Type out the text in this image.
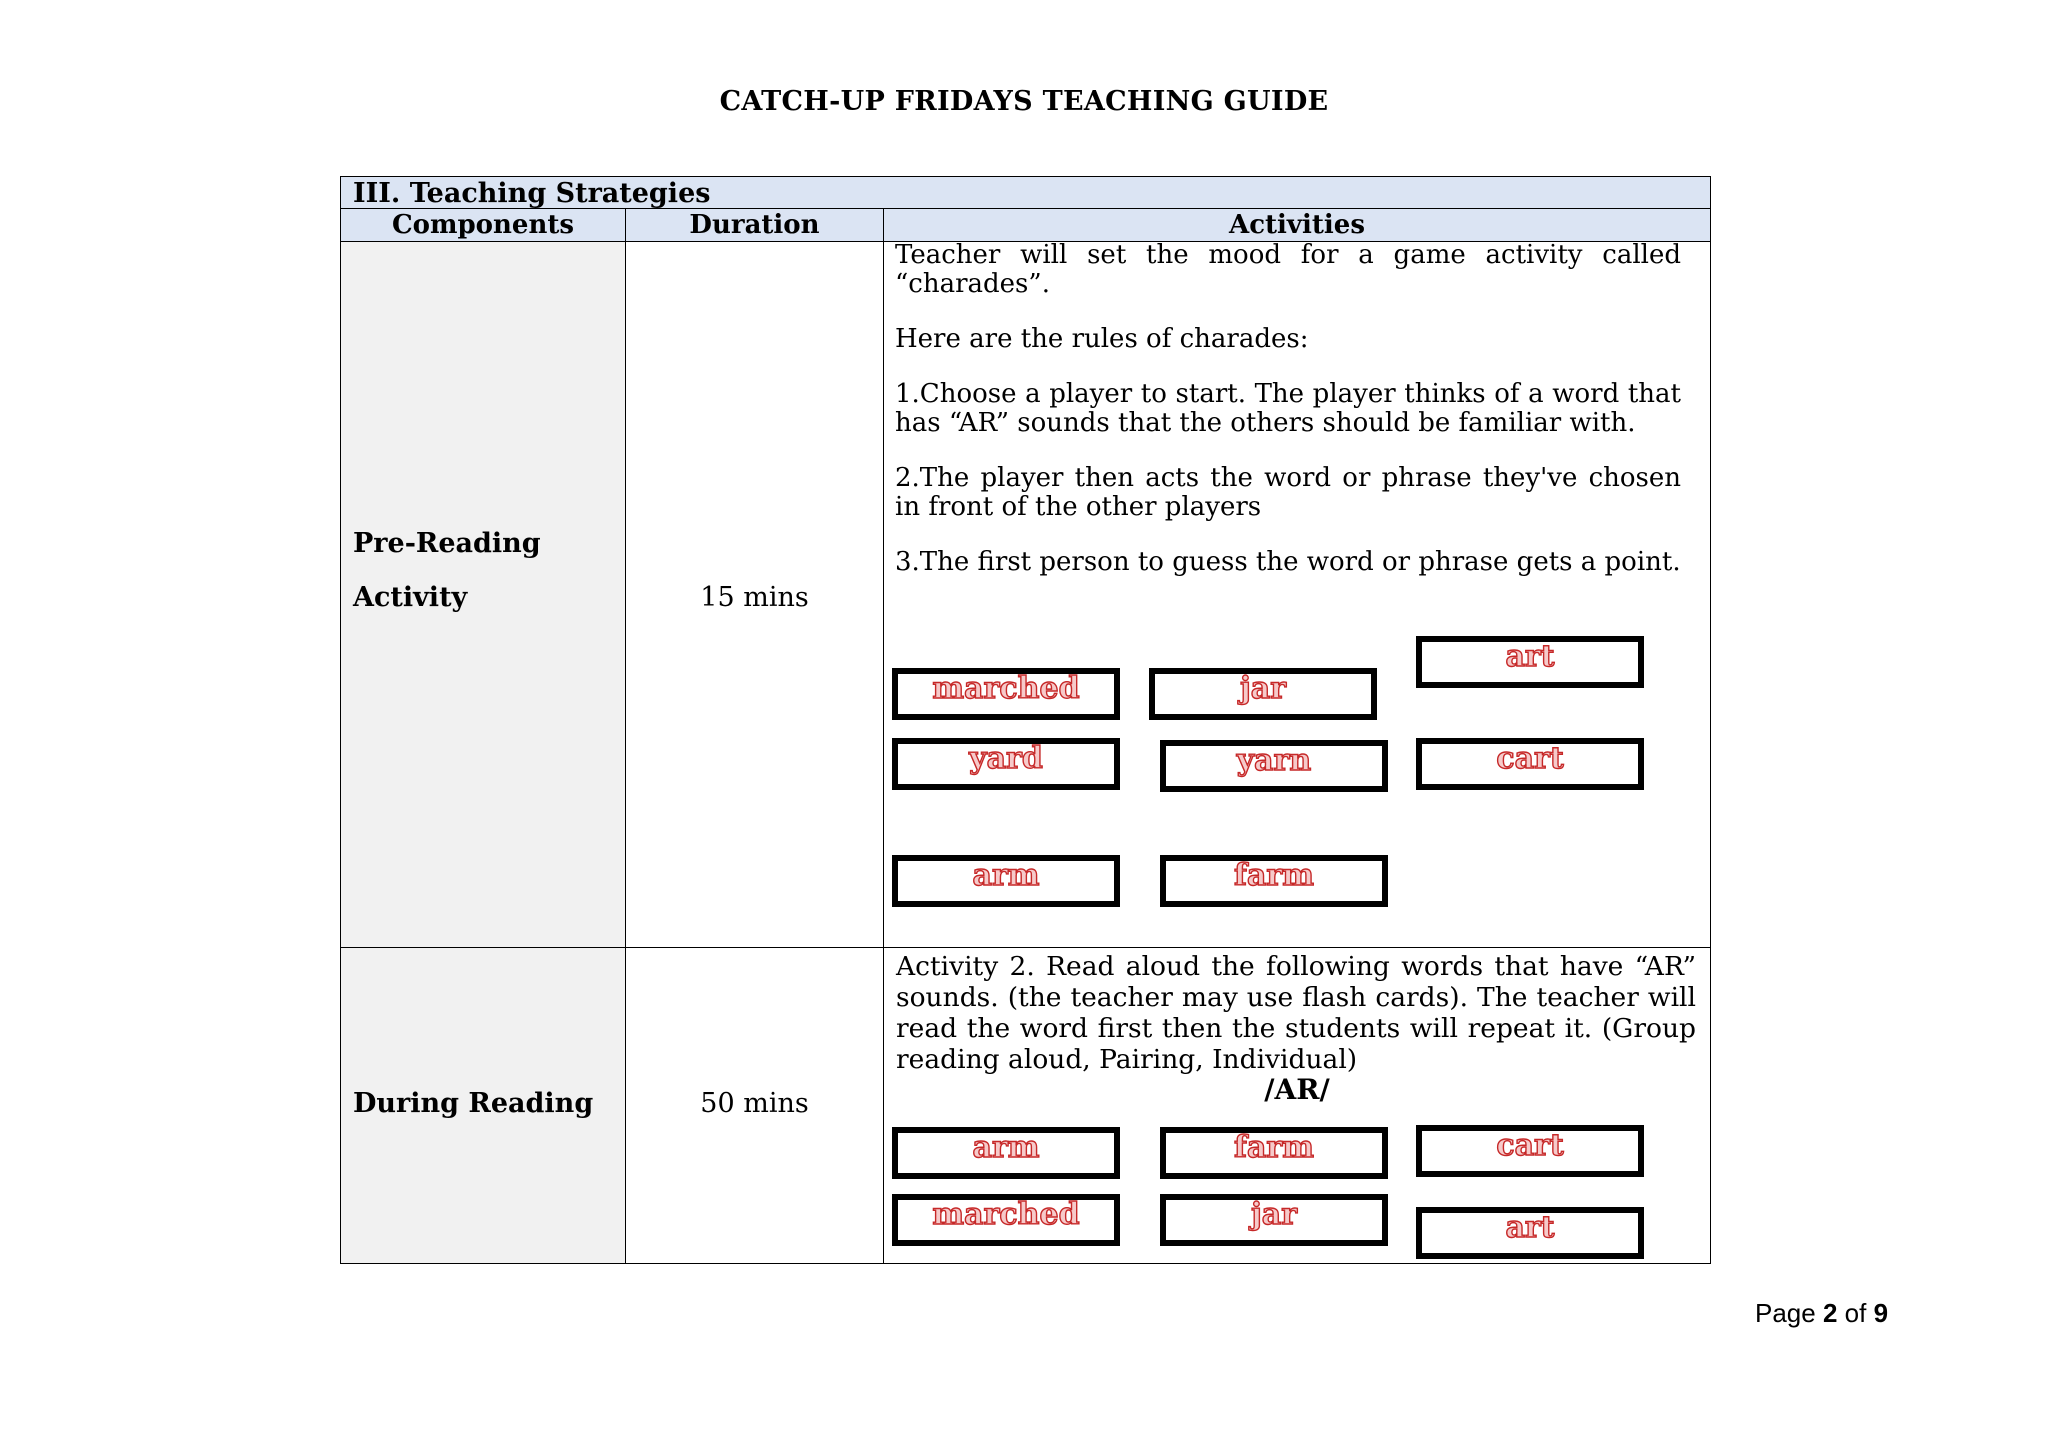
CATCH-UP FRIDAYS TEACHING GUIDE
III. Teaching Strategies
Components	Duration	Activities
Pre-Reading
Activity	15 mins

Teacher will set the mood for a game activity called “charades”.

Here are the rules of charades:

1.Choose a player to start. The player thinks of a word that has “AR” sounds that the others should be familiar with.

2.The player then acts the word or phrase they've chosen in front of the other players

3.The first person to guess the word or phrase gets a point.

marched	jar
art
yard	yarn	cart
arm	farm
During Reading	50 mins

Activity 2. Read aloud the following words that have “AR” sounds. (the teacher may use flash cards). The teacher will read the word first then the students will repeat it. (Group reading aloud, Pairing, Individual)

/AR/
arm	farm	cart
marched	jar	art
Page 2 of 9
